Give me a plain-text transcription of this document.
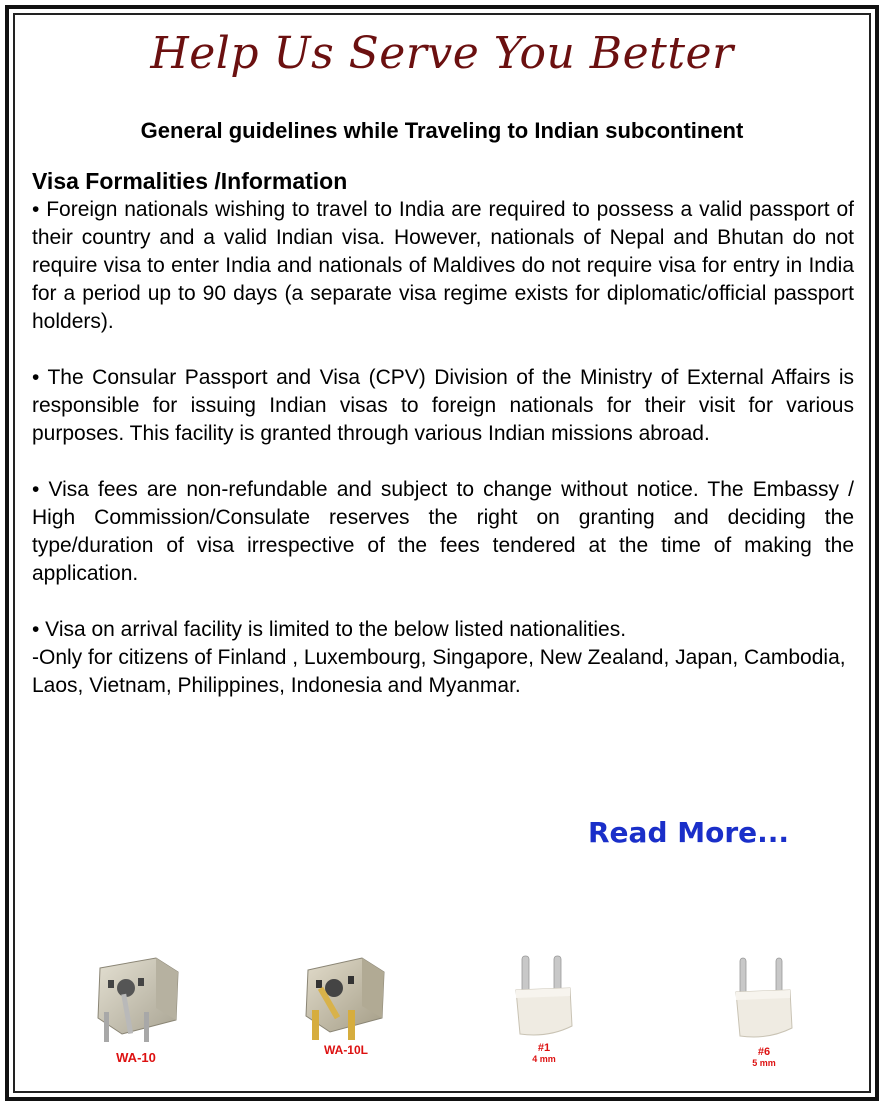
Help Us Serve You Better
General guidelines while Traveling to Indian subcontinent

Visa Formalities /Information

• Foreign nationals wishing to travel to India are required to possess a valid passport of their country and a valid Indian visa. However, nationals of Nepal and Bhutan do not require visa to enter India and nationals of Maldives do not require visa for entry in India for a period up to 90 days (a separate visa regime exists for diplomatic/official passport holders).

• The Consular Passport and Visa (CPV) Division of the Ministry of External Affairs is responsible for issuing Indian visas to foreign nationals for their visit for various purposes. This facility is granted through various Indian missions abroad.

• Visa fees are non-refundable and subject to change without notice. The Embassy / High Commission/Consulate reserves the right on granting and deciding the type/duration of visa irrespective of the fees tendered at the time of making the application.

• Visa on arrival facility is limited to the below listed nationalities.
-Only for citizens of Finland , Luxembourg, Singapore, New Zealand, Japan, Cambodia, Laos, Vietnam, Philippines, Indonesia and Myanmar.

Read More...
WA-10	WA-10L	#1
4 mm
#6
5 mm
